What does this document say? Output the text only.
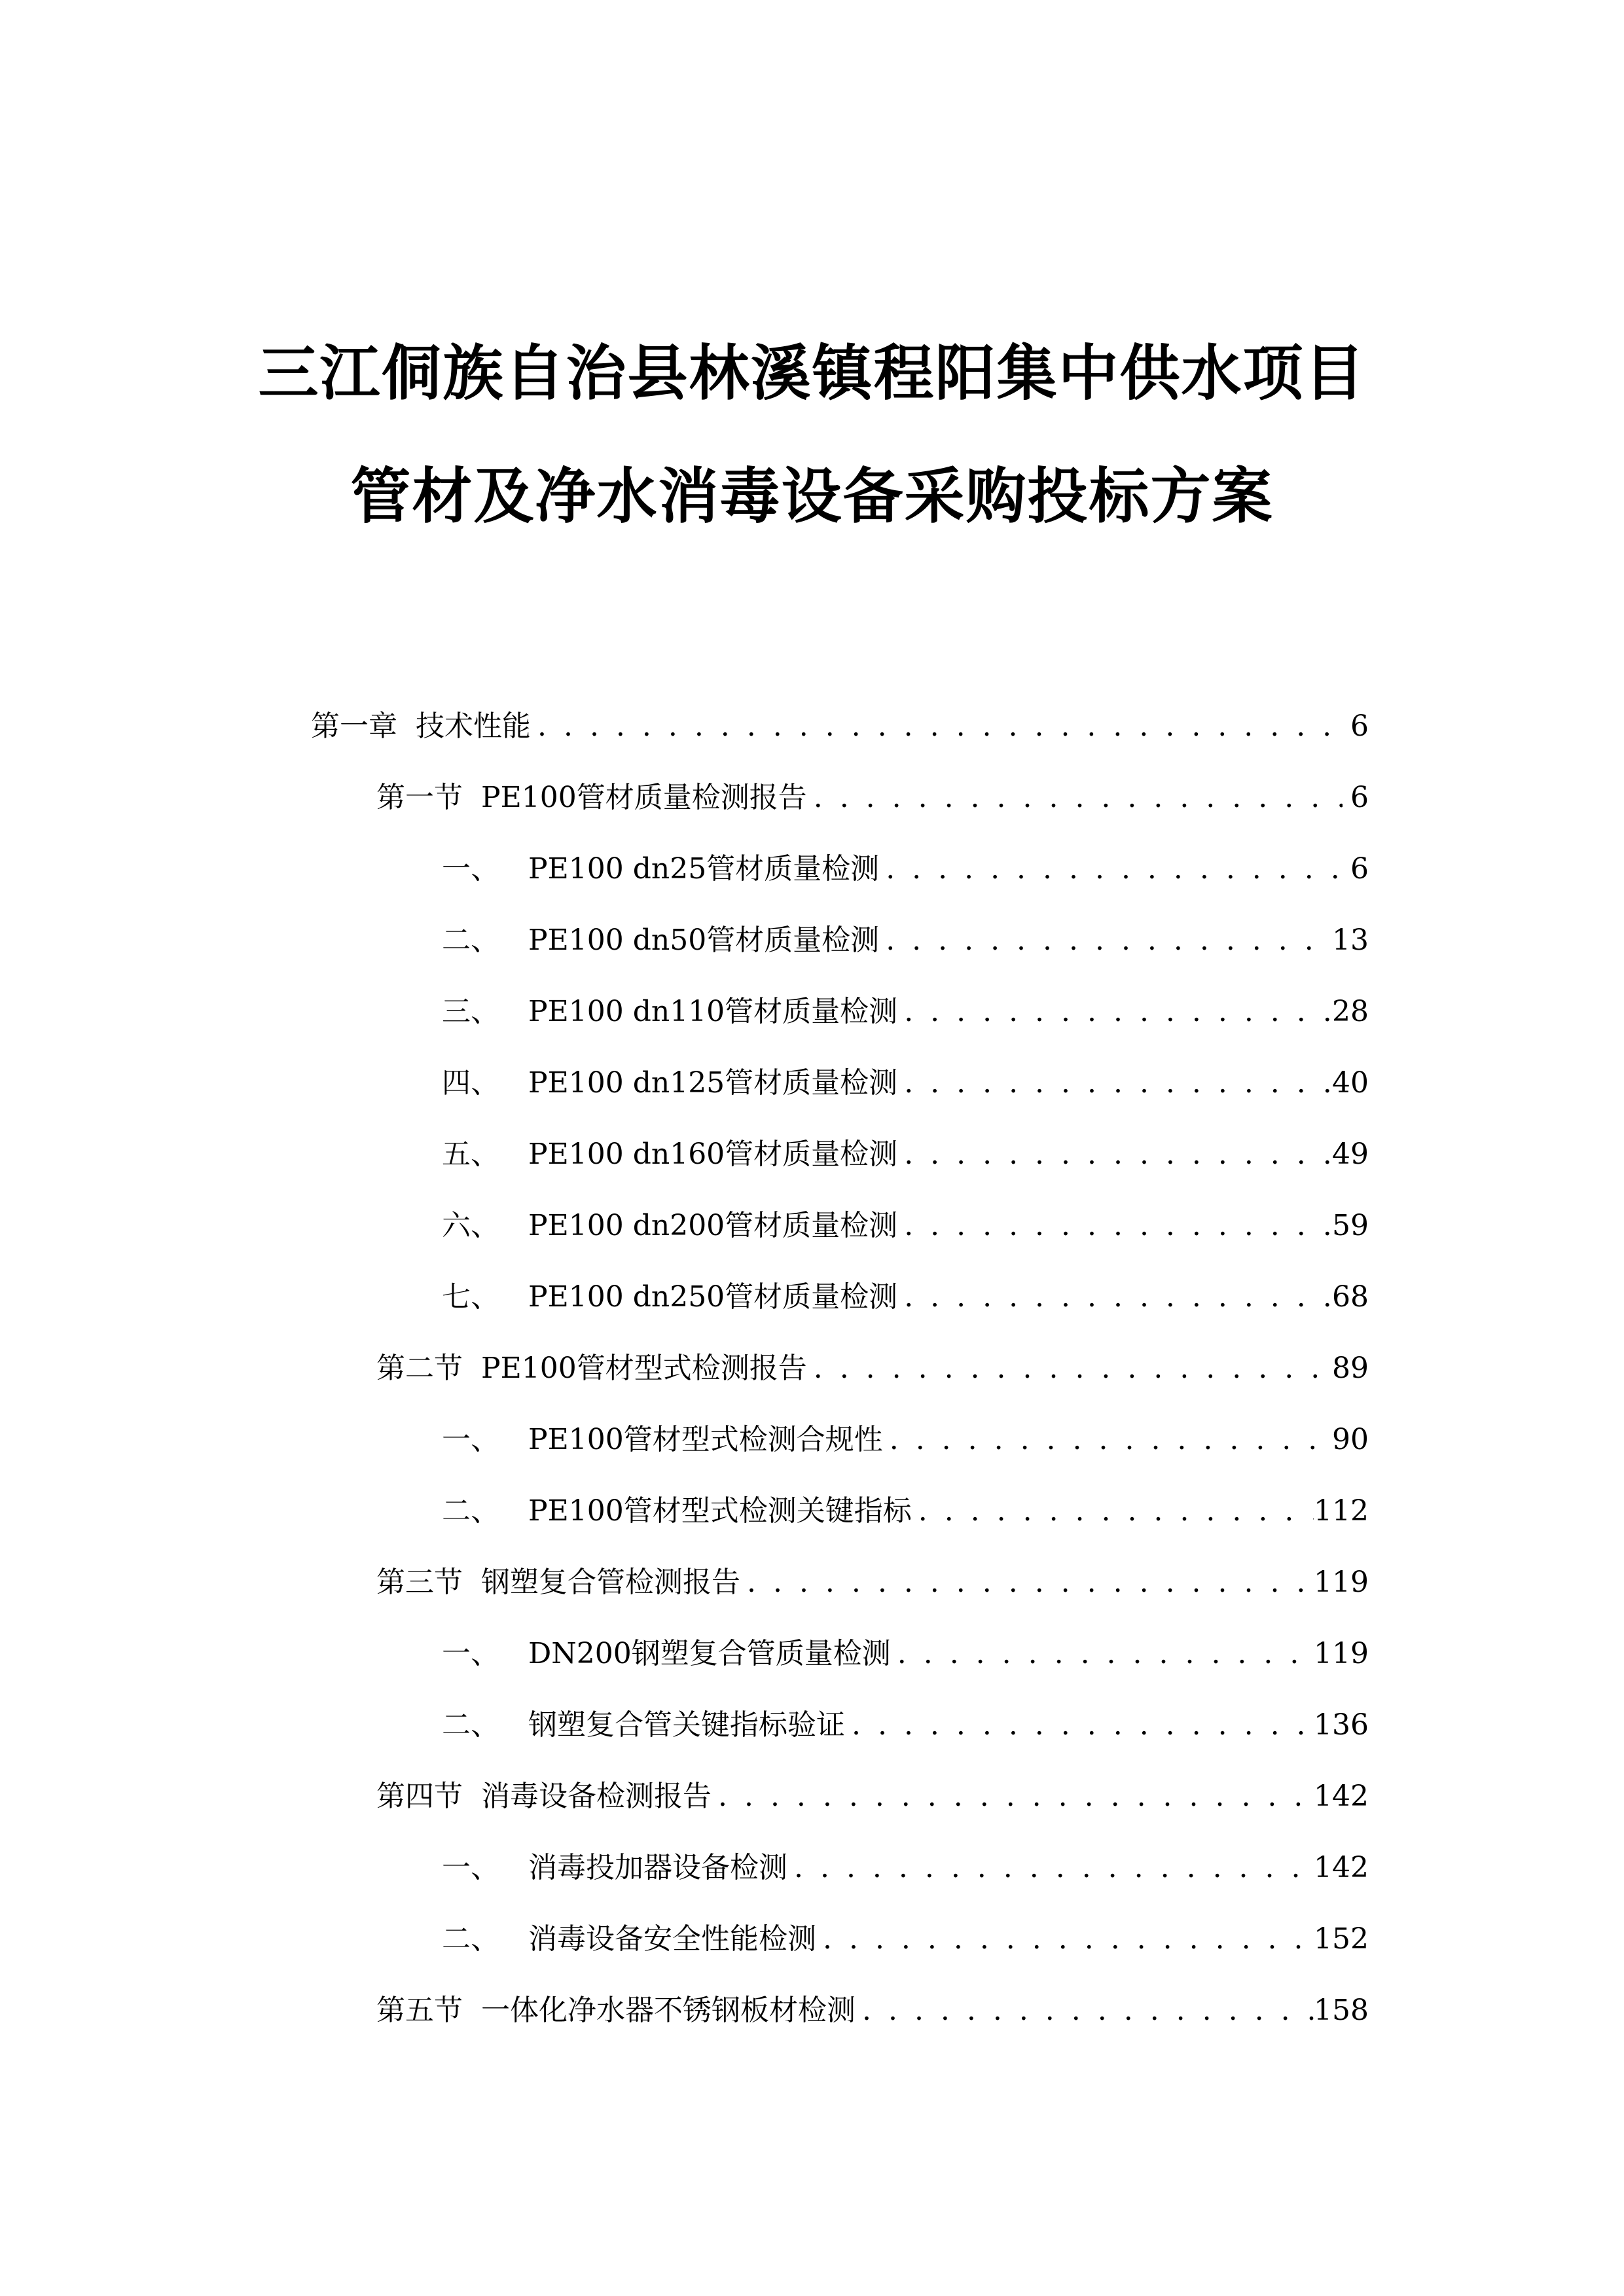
三江侗族自治县林溪镇程阳集中供水项目
管材及净水消毒设备采购投标方案
第一章 技术性能 . . .	6
第一节 PE100管材质量检测报告 . . .	6
一、 PE100 dn25管材质量检测 . . .	6
二、 PE100 dn50管材质量检测 . . .	13
三、 PE100 dn110管材质量检测 . . .	28
四、 PE100 dn125管材质量检测 . . .	40
五、 PE100 dn160管材质量检测 . . .	49
六、 PE100 dn200管材质量检测 . . .	59
七、 PE100 dn250管材质量检测 . . .	68
第二节 PE100管材型式检测报告 . . .	89
一、 PE100管材型式检测合规性 . . .	90
二、 PE100管材型式检测关键指标 . . .	112
第三节 钢塑复合管检测报告 . . .	119
一、 DN200钢塑复合管质量检测 . . .	119
二、 钢塑复合管关键指标验证 . . .	136
第四节 消毒设备检测报告 . . .	142
一、 消毒投加器设备检测 . . .	142
二、 消毒设备安全性能检测 . . .	152
第五节 一体化净水器不锈钢板材检测 . . .	158
